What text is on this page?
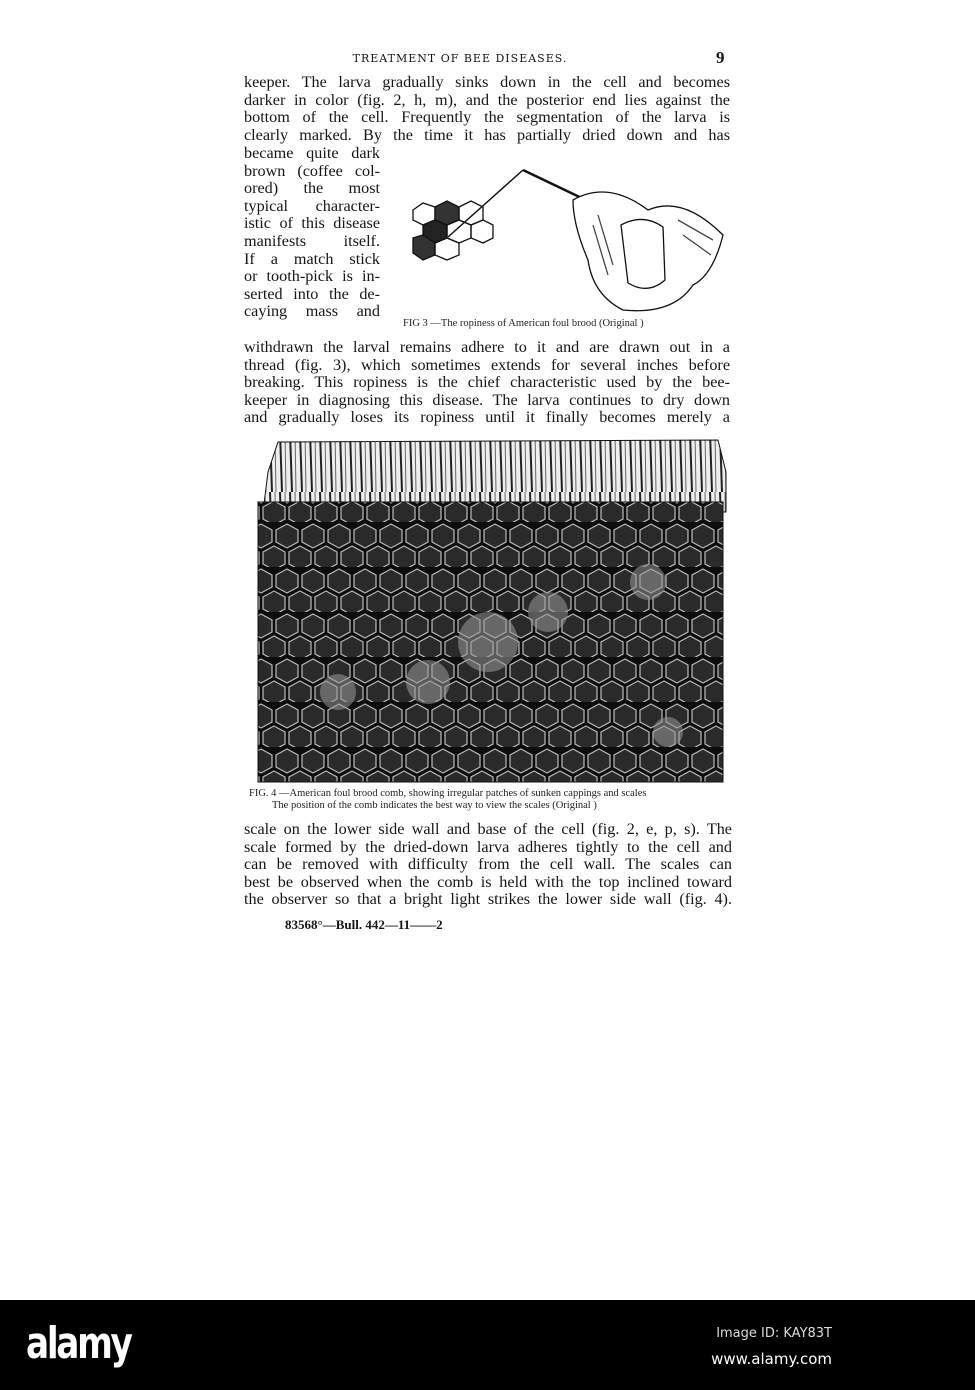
TREATMENT OF BEE DISEASES.	9
keeper. The larva gradually sinks down in the cell and becomes
darker in color (fig. 2, h, m), and the posterior end lies against the
bottom of the cell. Frequently the segmentation of the larva is
clearly marked. By the time it has partially dried down and has
became quite dark
brown (coffee col-
ored) the most
typical character-
istic of this disease
manifests itself.
If a match stick
or tooth-pick is in-
serted into the de-
caying mass and
FIG 3 —The ropiness of American foul brood (Original )
withdrawn the larval remains adhere to it and are drawn out in a
thread (fig. 3), which sometimes extends for several inches before
breaking. This ropiness is the chief characteristic used by the bee-
keeper in diagnosing this disease. The larva continues to dry down
and gradually loses its ropiness until it finally becomes merely a
FIG. 4 —American foul brood comb, showing irregular patches of sunken cappings and scales
The position of the comb indicates the best way to view the scales (Original )
scale on the lower side wall and base of the cell (fig. 2, e, p, s). The
scale formed by the dried-down larva adheres tightly to the cell and
can be removed with difficulty from the cell wall. The scales can
best be observed when the comb is held with the top inclined toward
the observer so that a bright light strikes the lower side wall (fig. 4).
83568°—Bull. 442—11——2
alamy	Image ID: KAY83T
www.alamy.com
